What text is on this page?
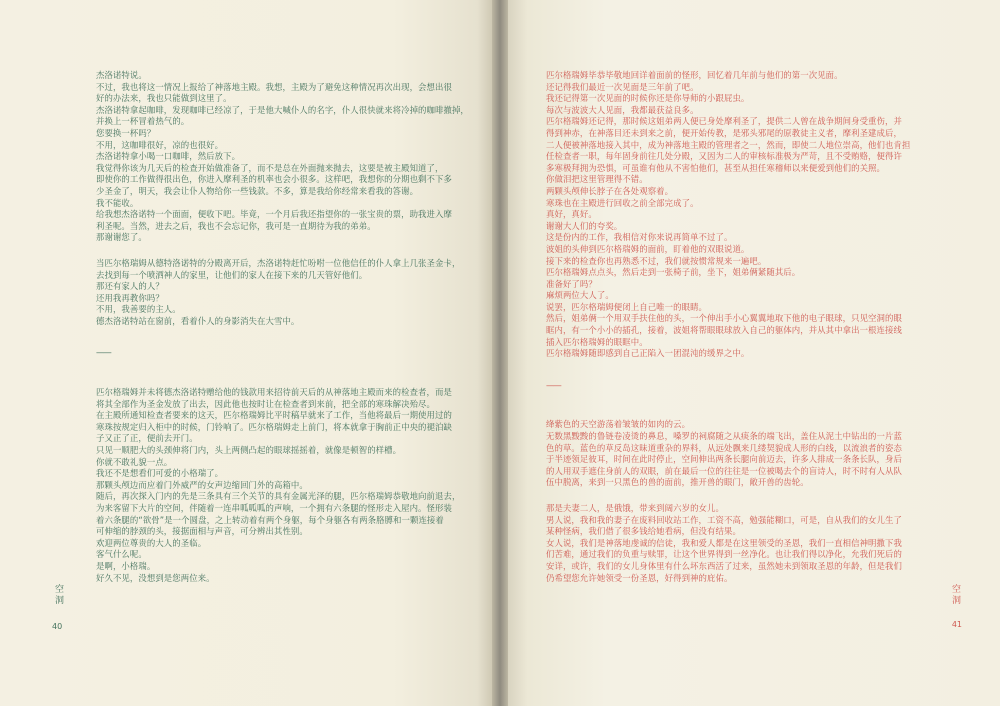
杰洛诺特说。

不过，我也将这一情况上报给了神落地主殿。我想，主殿为了避免这种情况再次出现，会想出很

好的办法来，我也只能做到这里了。

杰洛诺特拿起咖啡，发现咖啡已经凉了，于是他大喊仆人的名字，仆人很快就来将冷掉的咖啡撤掉，

并换上一杯冒着热气的。

您要换一杯吗？

不用，这咖啡很好，凉的也很好。

杰洛诺特拿小喝一口咖啡，然后放下。

我觉得你该为几天后的检查开始做准备了，而不是总在外面抛来抛去，这要是被主殿知道了，

即使你的工作做得很出色，你进入摩利圣的机率也会小很多。这样吧，我想你的分期也剩不下多

少圣金了，明天，我会让仆人物给你一些钱款。不多，算是我给你经常来看我的答谢。

我不能收。

给我想杰洛诺特一个面面，便收下吧。毕竟，一个月后我还指望你的一张宝贵的票，助我进入摩

利圣呢。当然，进去之后，我也不会忘记你，我可是一直期待为我的弟弟。

那谢谢您了。

当匹尔格瑞姆从德特洛诺特的分殿离开后，杰洛诺特赶忙吩咐一位他信任的仆人拿上几张圣金卡，

去找到每一个喷洒神人的家里，让他们的家人在接下来的几天管好他们。

那还有家人的人？

还用我再教你吗？

不用，我善要的主人。

德杰洛诺特站在窗前，看着仆人的身影消失在大雪中。

——

匹尔格瑞姆并未将德杰洛诺特赠给他的钱款用来招待前天后的从神落地主殿而来的检查者，而是

将其全部作为圣金发放了出去，因此他也按时让在检查者到来前，把全部的寒珠解决殆尽。

在主殿所通知检查者要来的这天，匹尔格瑞姆比平时稿早就来了工作，当他将最后一期使用过的

寒珠按规定归入柜中的时候，门铃响了。匹尔格瑞姆走上前门，将本就拿于胸前正中央的褪泊缺

子又正了正，便前去开门。

只见一顺肥大的头颈伸将门内，头上两侧凸起的眼球摇摇着，就像是顿智的样槽。

你就不敢礼貌一点。

我还不是想看们可爱的小格瑞了。

那颗头颅边而应着门外威严的女声边缩回门外的高箱中。

随后，再次探入门内的先是三条具有三个关节的具有金属光泽的腿，匹尔格瑞姆恭敬地向前退去，

为来客留下大片的空间，伴随着一连串呱呱呱的声响，一个拥有六条腿的怪形走入屋内。怪形装

着六条腿的“欲骨”是一个圆盘，之上转动着有两个身躯，每个身躯各有两条胳膊和一颗连接着

可伸缩的脖颈的头，接据面相与声音，可分辨出其性别。

欢迎两位尊贵的大人的圣临。

客气什么呢。

是啊，小格瑞。

好久不见，没想到是您两位来。

空洞
40

匹尔格瑞姆毕恭毕敬地回详着面前的怪形，回忆着几年前与他们的第一次见面。

还记得我们最近一次见面是三年前了吧。

我还记得第一次见面的时候你还是你导师的小跟屁虫。

每次与波波大人见面，我都最获益良多。

匹尔格瑞姆还记得，那时候这姐弟两人便已身处摩利圣了，提供二人曾在战争期间身受重伤，并

得到神赤，在神落目还未到来之前，便开始传教，是邪头邪尾的原教徒主义者，摩利圣建成后，

二人便被神落地接入其中，成为神落地主殿的管理者之一，然而，即使二人地位崇高，他们也肯担

任检查者一职，每年固身前往几处分殿，又因为二人的审核标准极为严苛，且不受贿赂，便得许

多寒极拜拥为恐惧，可虽谁有他从不害怕他们，甚至从担任寒稽师以来便爱到他们的关照。

你做泪把这里管理得不错。

两颗头颅伸长脖子在各处观察着。

寒珠也在主殿进行回收之前全部完成了。

真好，真好。

谢谢大人们的夸奖。

这是份内的工作，我相信对你来说再简单不过了。

波姐的头伸到匹尔格瑞姆的面前，盯着他的双眼说道。

接下来的检查你也再熟悉不过，我们就按惯常规来一遍吧。

匹尔格瑞姆点点头，然后走到一张椅子前，坐下，姐弟俩紧随其后。

准备好了吗？

麻烦两位大人了。

说罢，匹尔格瑞姆便闭上自己唯一的眼睛。

然后，姐弟俩一个用双手扶住他的头，一个伸出手小心翼翼地取下他的电子眼球，只见空洞的眼

眶内，有一个小小的插孔，接着，波姐将帮眼眼球放入自己的躯体内，并从其中拿出一根连接线

插入匹尔格瑞姆的眼眶中。

匹尔格瑞姆随即感到自己正陷入一团混沌的缓界之中。

——

绛紫色的天空游荡着皱皱的如肉的云。

无数黑黢黢的鲁链卷凌烫的鼻息，嗓罗的祠腐随之从痰条的端飞出，盖住从泥土中钻出的一片蓝

色的草。蓝色的草反岛这昧道重杂的界料，从远处飘来几缕契貌成人形的白线，以流浪者的姿态

于半迹领足彼耳，时间在此时停止，空间伸出两条长腿向前迈去，许多人排成一条条长队，身后

的人用双手遮住身前人的双眼，前在最后一位的往往是一位被喝去个的盲诗人，时不时有人从队

伍中脱离，来到一只黑色的兽的面前，推开兽的眼门，敞开兽的齿轮。

那是夫妻二人，是俄饿，带来到阔六岁的女儿。

男人说，我和我的妻子在废料回收站工作，工资不高，勉强能糊口，可是，自从我们的女儿生了

某种怪病，我们借了很多钱给她看病，但没有结果。

女人说，我们是神落地虔诚的信徒，我和爱人都是在这里领受的圣恩，我们一直相信神明撒下我

们苦难，通过我们的负重与赎罪，让这个世界得到一丝净化。也让我们得以净化，允我们死后的

安详，或许，我们的女儿身体里有什么坏东西活了过来，虽然她未到领取圣恩的年龄，但是我们

仍希望您允许她领受一份圣恩，好得到神的庇佑。

空洞
41
